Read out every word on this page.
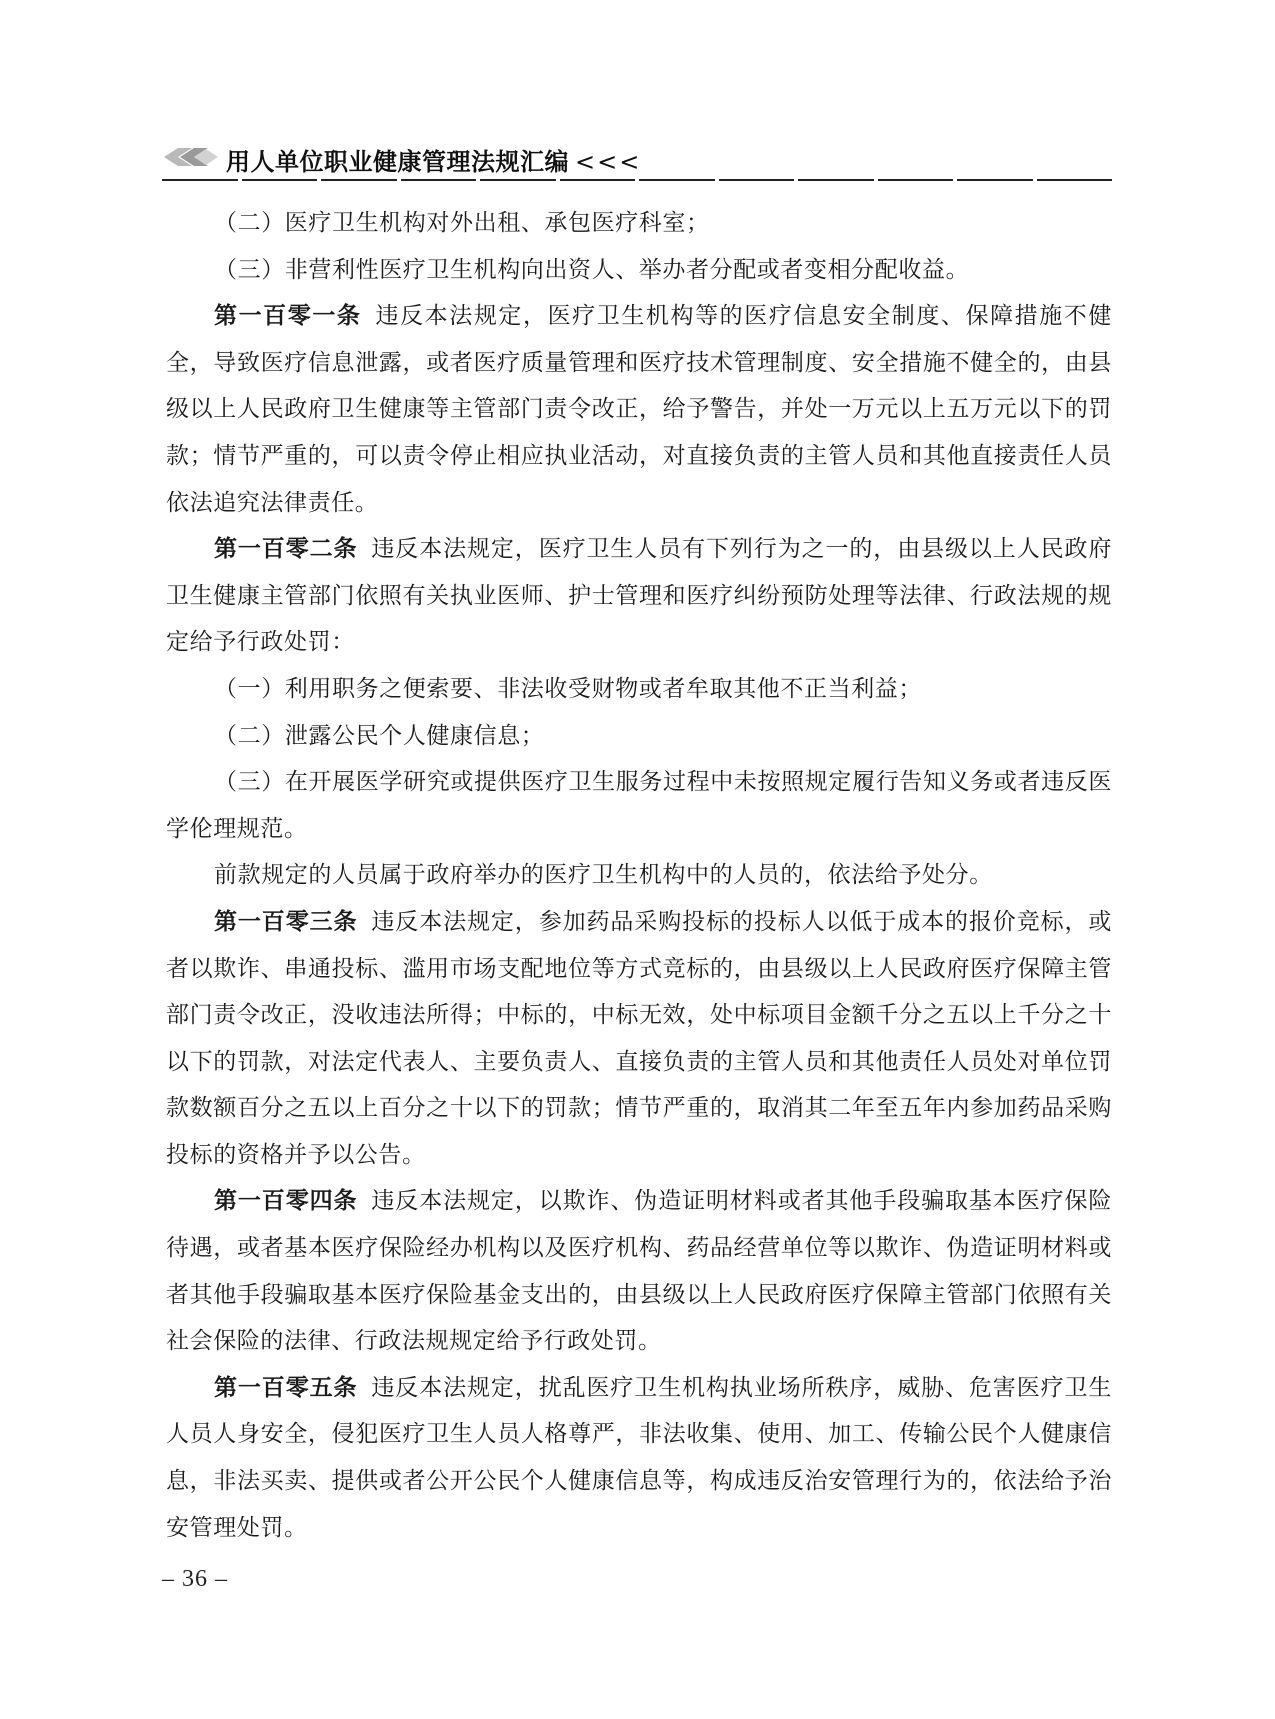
用人单位职业健康管理法规汇编 <<<

（二）医疗卫生机构对外出租、承包医疗科室；

（三）非营利性医疗卫生机构向出资人、举办者分配或者变相分配收益。

第一百零一条 违反本法规定，医疗卫生机构等的医疗信息安全制度、保障措施不健全，导致医疗信息泄露，或者医疗质量管理和医疗技术管理制度、安全措施不健全的，由县级以上人民政府卫生健康等主管部门责令改正，给予警告，并处一万元以上五万元以下的罚款；情节严重的，可以责令停止相应执业活动，对直接负责的主管人员和其他直接责任人员依法追究法律责任。

第一百零二条 违反本法规定，医疗卫生人员有下列行为之一的，由县级以上人民政府卫生健康主管部门依照有关执业医师、护士管理和医疗纠纷预防处理等法律、行政法规的规定给予行政处罚：

（一）利用职务之便索要、非法收受财物或者牟取其他不正当利益；

（二）泄露公民个人健康信息；

（三）在开展医学研究或提供医疗卫生服务过程中未按照规定履行告知义务或者违反医学伦理规范。

前款规定的人员属于政府举办的医疗卫生机构中的人员的，依法给予处分。

第一百零三条 违反本法规定，参加药品采购投标的投标人以低于成本的报价竞标，或者以欺诈、串通投标、滥用市场支配地位等方式竞标的，由县级以上人民政府医疗保障主管部门责令改正，没收违法所得；中标的，中标无效，处中标项目金额千分之五以上千分之十以下的罚款，对法定代表人、主要负责人、直接负责的主管人员和其他责任人员处对单位罚款数额百分之五以上百分之十以下的罚款；情节严重的，取消其二年至五年内参加药品采购投标的资格并予以公告。

第一百零四条 违反本法规定，以欺诈、伪造证明材料或者其他手段骗取基本医疗保险待遇，或者基本医疗保险经办机构以及医疗机构、药品经营单位等以欺诈、伪造证明材料或者其他手段骗取基本医疗保险基金支出的，由县级以上人民政府医疗保障主管部门依照有关社会保险的法律、行政法规规定给予行政处罚。

第一百零五条 违反本法规定，扰乱医疗卫生机构执业场所秩序，威胁、危害医疗卫生人员人身安全，侵犯医疗卫生人员人格尊严，非法收集、使用、加工、传输公民个人健康信息，非法买卖、提供或者公开公民个人健康信息等，构成违反治安管理行为的，依法给予治安管理处罚。

– 36 –
